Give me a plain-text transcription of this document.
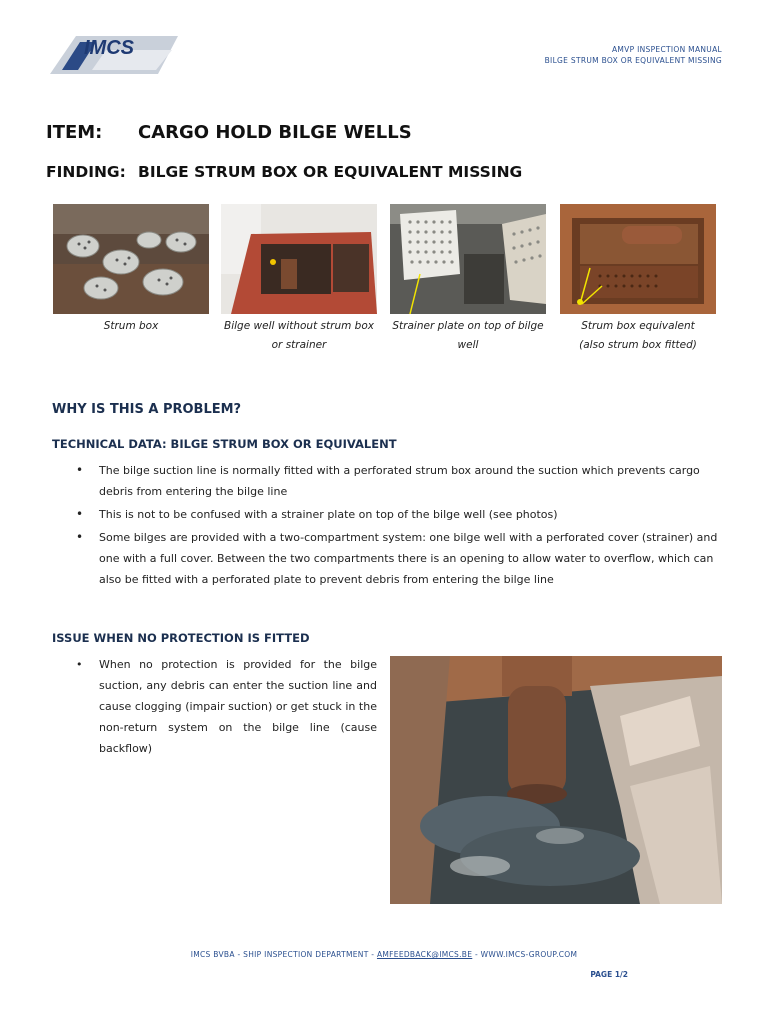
IMCS	AMVP INSPECTION MANUAL
BILGE STRUM BOX OR EQUIVALENT MISSING
ITEM: CARGO HOLD BILGE WELLS
FINDING: BILGE STRUM BOX OR EQUIVALENT MISSING
Strum box	Bilge well without strum box
or strainer
Strainer plate on top of bilge
well
Strum box equivalent
(also strum box fitted)
WHY IS THIS A PROBLEM?
TECHNICAL DATA: BILGE STRUM BOX OR EQUIVALENT
• The bilge suction line is normally fitted with a perforated strum box around the suction which prevents cargo debris from entering the bilge line
• This is not to be confused with a strainer plate on top of the bilge well (see photos)
• Some bilges are provided with a two-compartment system: one bilge well with a perforated cover (strainer) and one with a full cover. Between the two compartments there is an opening to allow water to overflow, which can also be fitted with a perforated plate to prevent debris from entering the bilge line
ISSUE WHEN NO PROTECTION IS FITTED
• When no protection is provided for the bilge suction, any debris can enter the suction line and cause clogging (impair suction) or get stuck in the non-return system on the bilge line (cause backflow)
IMCS BVBA - SHIP INSPECTION DEPARTMENT - AMFEEDBACK@IMCS.BE - WWW.IMCS-GROUP.COM
PAGE 1/2
